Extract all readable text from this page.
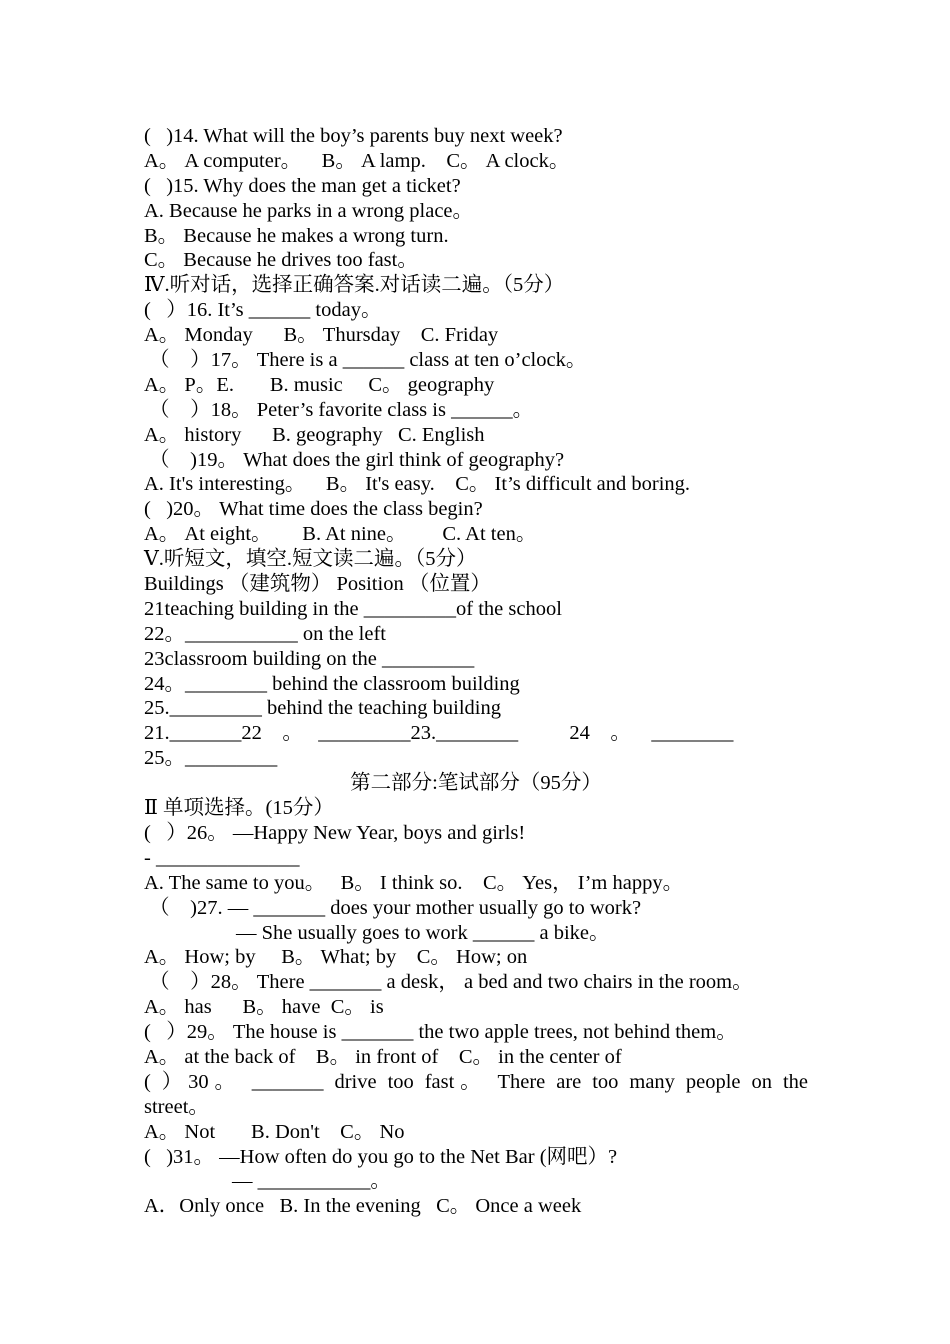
(   )14. What will the boy’s parents buy next week?
A。 A computer。    B。 A lamp.    C。 A clock。
(   )15. Why does the man get a ticket?
A. Because he parks in a wrong place。
B。 Because he makes a wrong turn.
C。 Because he drives too fast。
Ⅳ.听对话，选择正确答案.对话读二遍。（5分）
(   ）16. It’s ______ today。
A。 Monday      B。 Thursday    C. Friday
（    ）17。 There is a ______ class at ten o’clock。
A。 P。E.       B. music     C。 geography
（    ）18。 Peter’s favorite class is ______。
A。 history      B. geography   C. English
（    )19。 What does the girl think of geography?
A. It's interesting。    B。 It's easy.    C。 It’s difficult and boring.
(   )20。 What time does the class begin?
A。 At eight。      B. At nine。       C. At ten。
Ⅴ.听短文，填空.短文读二遍。（5分）
Buildings （建筑物） Position （位置）
21teaching building in the _________of the school
22。___________ on the left
23classroom building on the _________
24。________ behind the classroom building
25._________ behind the teaching building
21._______22    。   _________23.________          24    。    ________
25。_________
第二部分:笔试部分（95分）
Ⅱ 单项选择。(15分）
(   ）26。 —Happy New Year, boys and girls!
- ______________
A. The same to you。   B。 I think so.    C。 Yes， I’m happy。
（    )27. — _______ does your mother usually go to work?
— She usually goes to work ______ a bike。
A。 How; by     B。 What; by    C。 How; on
（    ）28。 There _______ a desk， a bed and two chairs in the room。
A。 has      B。 have  C。 is
(   ）29。 The house is _______ the two apple trees, not behind them。
A。 at the back of    B。 in front of    C。 in the center of
( ）30。 _______ drive too fast。 There are too many people on the
street。
A。 Not       B. Don't    C。 No
(   )31。 —How often do you go to the Net Bar (网吧）?
— ___________。
A．Only once   B. In the evening   C。 Once a week
